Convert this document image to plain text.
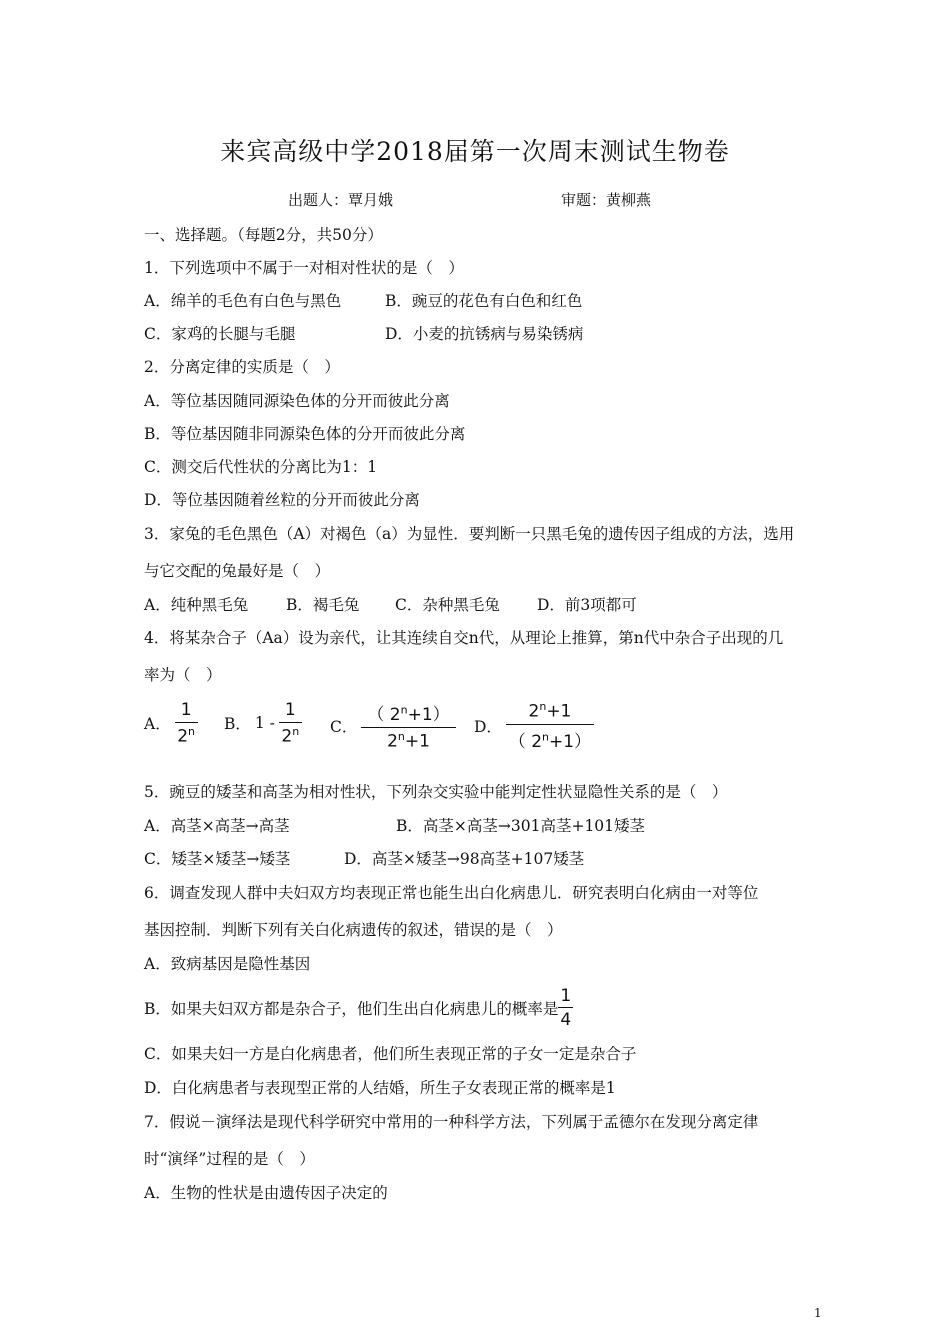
来宾高级中学2018届第一次周末测试生物卷
出题人：覃月娥	审题：黄柳燕
一、选择题。（每题2分，共50分）
1．下列选项中不属于一对相对性状的是（　）
A．绵羊的毛色有白色与黑色	B．豌豆的花色有白色和红色
C．家鸡的长腿与毛腿	D．小麦的抗锈病与易染锈病
2．分离定律的实质是（　）
A．等位基因随同源染色体的分开而彼此分离
B．等位基因随非同源染色体的分开而彼此分离
C．测交后代性状的分离比为1：1
D．等位基因随着丝粒的分开而彼此分离
3．家兔的毛色黑色（A）对褐色（a）为显性．要判断一只黑毛兔的遗传因子组成的方法，选用
与它交配的兔最好是（　）
A．纯种黑毛兔 B．褐毛兔 C．杂种黑毛兔 D．前3项都可
4．将某杂合子（Aa）设为亲代，让其连续自交n代，从理论上推算，第n代中杂合子出现的几
率为（　）
A． $\frac{1}{2^n}$ B． $1 - \frac{1}{2^n}$ C． $\frac{( 2^n+1)}{2^n+1}$ D． $\frac{2^n+1}{( 2^n+1)}$
5．豌豆的矮茎和高茎为相对性状，下列杂交实验中能判定性状显隐性关系的是（　）
A．高茎×高茎→高茎	B．高茎×高茎→301高茎+101矮茎
C．矮茎×矮茎→矮茎	D．高茎×矮茎→98高茎+107矮茎
6．调查发现人群中夫妇双方均表现正常也能生出白化病患儿．研究表明白化病由一对等位
基因控制．判断下列有关白化病遗传的叙述，错误的是（　）
A．致病基因是隐性基因
B．如果夫妇双方都是杂合子，他们生出白化病患儿的概率是 $\frac{1}{4}$
C．如果夫妇一方是白化病患者，他们所生表现正常的子女一定是杂合子
D．白化病患者与表现型正常的人结婚，所生子女表现正常的概率是1
7．假说－演绎法是现代科学研究中常用的一种科学方法，下列属于孟德尔在发现分离定律
时“演绎”过程的是（　）
A．生物的性状是由遗传因子决定的
1
